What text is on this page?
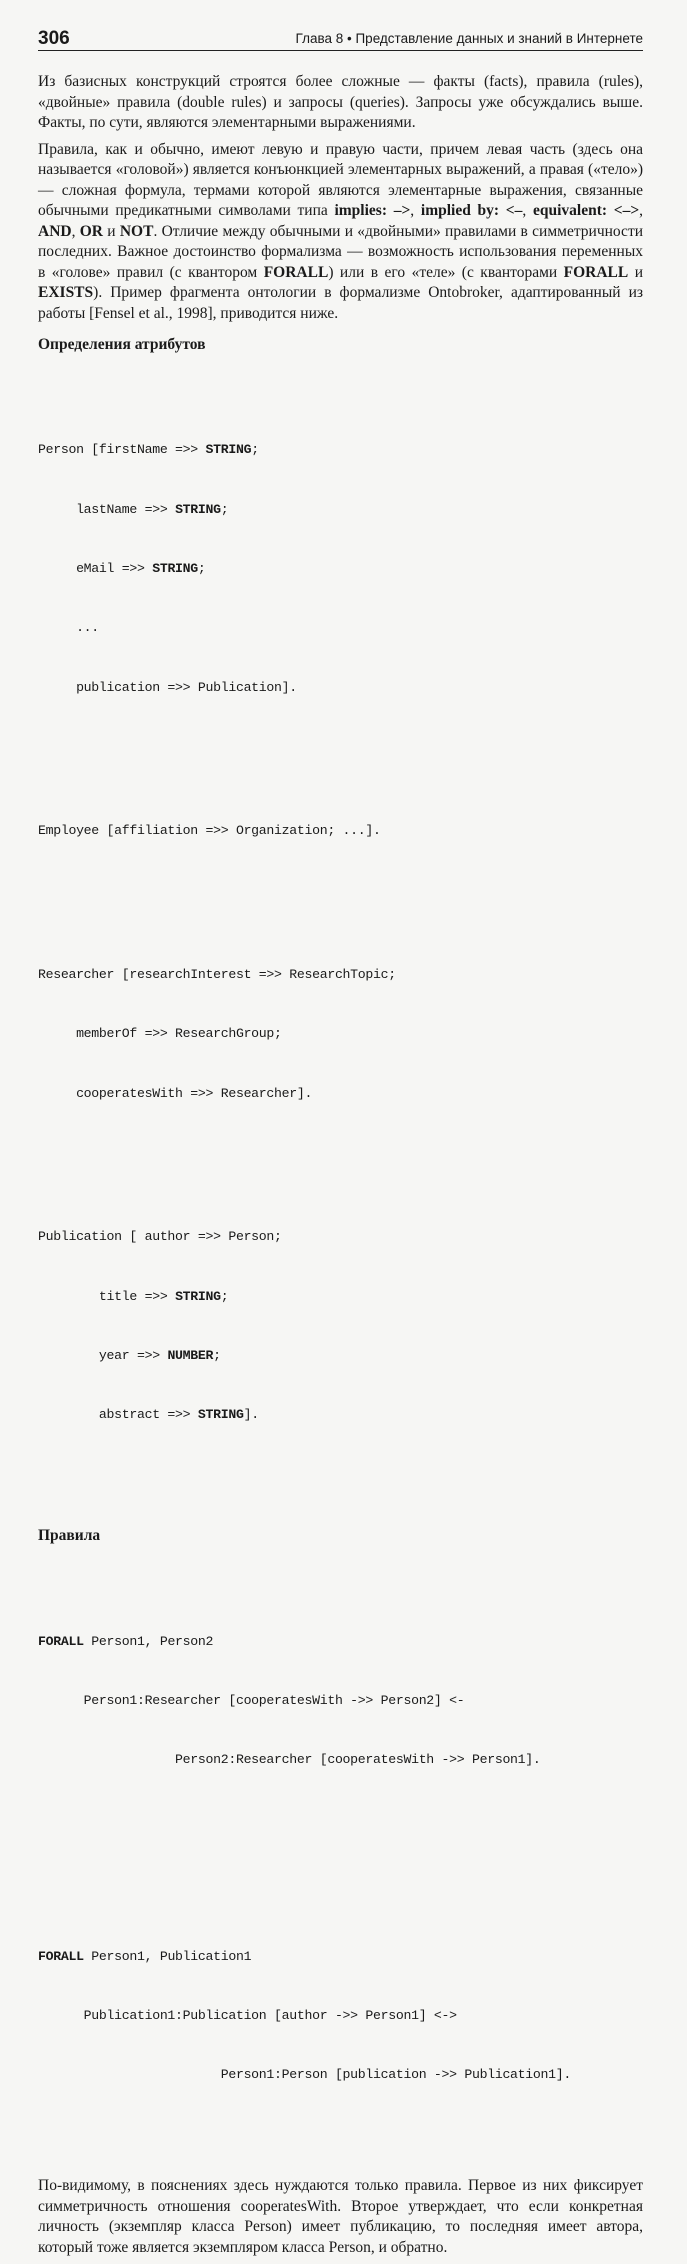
306	Глава 8 • Представление данных и знаний в Интернете

Из базисных конструкций строятся более сложные — факты (facts), правила (rules), «двойные» правила (double rules) и запросы (queries). Запросы уже обсуждались выше. Факты, по сути, являются элементарными выражениями.

Правила, как и обычно, имеют левую и правую части, причем левая часть (здесь она называется «головой») является конъюнкцией элементарных выражений, а правая («тело») — сложная формула, термами которой являются элементарные выражения, связанные обычными предикатными символами типа implies: –>, implied by: <–, equivalent: <–>, AND, OR и NOT. Отличие между обычными и «двойными» правилами в симметричности последних. Важное достоинство формализма — возможность использования переменных в «голове» правил (с квантором FORALL) или в его «теле» (с кванторами FORALL и EXISTS). Пример фрагмента онтологии в формализме Ontobroker, адаптированный из работы [Fensel et al., 1998], приводится ниже.

Определения атрибутов

Person [firstName =>> STRING;

lastName =>> STRING;

eMail =>> STRING;

...

publication =>> Publication].

Employee [affiliation =>> Organization; ...].

Researcher [researchInterest =>> ResearchTopic;

memberOf =>> ResearchGroup;

cooperatesWith =>> Researcher].

Publication [ author =>> Person;

title =>> STRING;

year =>> NUMBER;

abstract =>> STRING].

Правила

FORALL Person1, Person2

Person1:Researcher [cooperatesWith ->> Person2] <-

Person2:Researcher [cooperatesWith ->> Person1].

FORALL Person1, Publication1

Publication1:Publication [author ->> Person1] <->

Person1:Person [publication ->> Publication1].

По-видимому, в пояснениях здесь нуждаются только правила. Первое из них фиксирует симметричность отношения cooperatesWith. Второе утверждает, что если конкретная личность (экземпляр класса Person) имеет публикацию, то последняя имеет автора, который тоже является экземпляром класса Person, и обратно.
